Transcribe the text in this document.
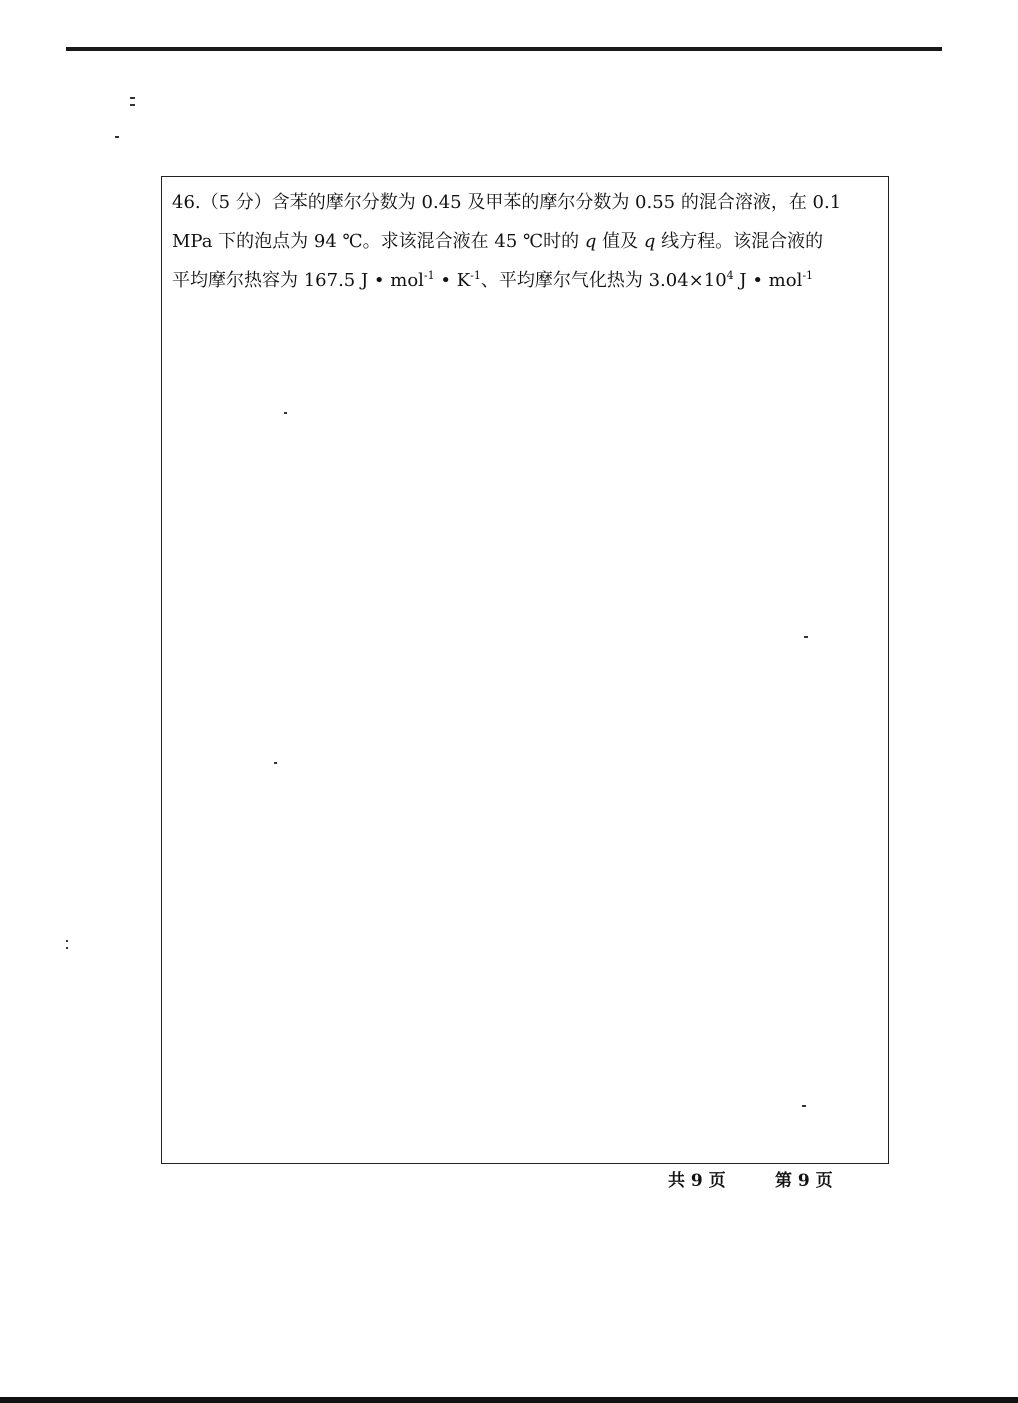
46.（5 分）含苯的摩尔分数为 0.45 及甲苯的摩尔分数为 0.55 的混合溶液，在 0.1
MPa 下的泡点为 94 ℃。求该混合液在 45 ℃时的 q 值及 q 线方程。该混合液的
平均摩尔热容为 167.5 J • mol$^{-1}$ • $K^{-1}$、平均摩尔气化热为 $3.04\times 10^4$ J • mol$^{-1}$
共 9 页	第 9 页
